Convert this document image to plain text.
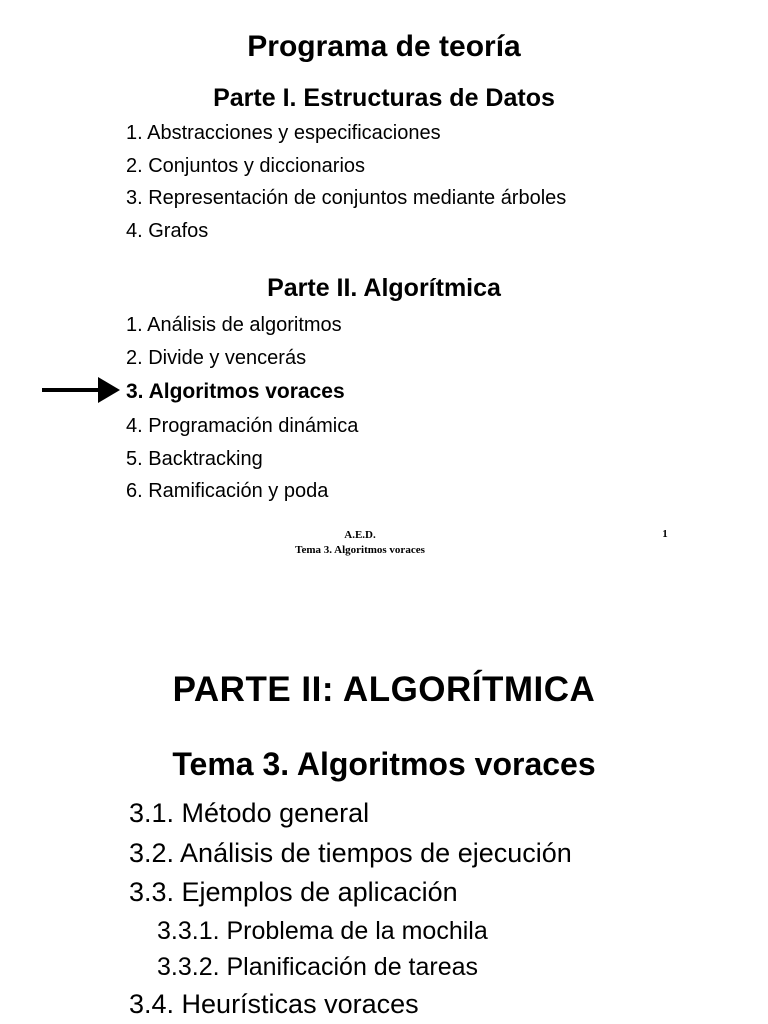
Programa de teoría
Parte I. Estructuras de Datos
1. Abstracciones y especificaciones
2. Conjuntos y diccionarios
3. Representación de conjuntos mediante árboles
4. Grafos
Parte II. Algorítmica
1. Análisis de algoritmos
2. Divide y vencerás
3. Algoritmos voraces
4. Programación dinámica
5. Backtracking
6. Ramificación y poda
A.E.D.
Tema 3. Algoritmos voraces
1
PARTE II: ALGORÍTMICA
Tema 3. Algoritmos voraces
3.1. Método general
3.2. Análisis de tiempos de ejecución
3.3. Ejemplos de aplicación
3.3.1. Problema de la mochila
3.3.2. Planificación de tareas
3.4. Heurísticas voraces
